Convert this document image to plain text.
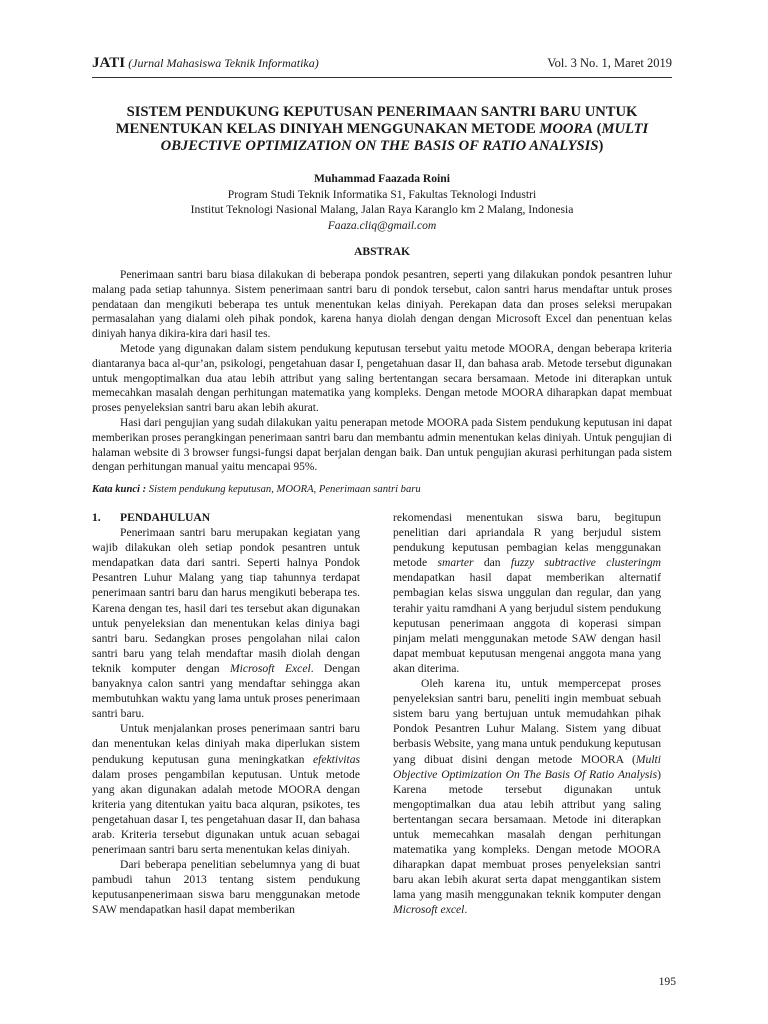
JATI (Jurnal Mahasiswa Teknik Informatika)	Vol. 3 No. 1, Maret 2019
SISTEM PENDUKUNG KEPUTUSAN PENERIMAAN SANTRI BARU UNTUK
MENENTUKAN KELAS DINIYAH MENGGUNAKAN METODE MOORA (MULTI
OBJECTIVE OPTIMIZATION ON THE BASIS OF RATIO ANALYSIS)
Muhammad Faazada Roini
Program Studi Teknik Informatika S1, Fakultas Teknologi Industri
Institut Teknologi Nasional Malang, Jalan Raya Karanglo km 2 Malang, Indonesia
Faaza.cliq@gmail.com
ABSTRAK

Penerimaan santri baru biasa dilakukan di beberapa pondok pesantren, seperti yang dilakukan pondok pesantren luhur malang pada setiap tahunnya. Sistem penerimaan santri baru di pondok tersebut, calon santri harus mendaftar untuk proses pendataan dan mengikuti beberapa tes untuk menentukan kelas diniyah. Perekapan data dan proses seleksi merupakan permasalahan yang dialami oleh pihak pondok, karena hanya diolah dengan dengan Microsoft Excel dan penentuan kelas diniyah hanya dikira-kira dari hasil tes.

Metode yang digunakan dalam sistem pendukung keputusan tersebut yaitu metode MOORA, dengan beberapa kriteria diantaranya baca al-qur’an, psikologi, pengetahuan dasar I, pengetahuan dasar II, dan bahasa arab. Metode tersebut digunakan untuk mengoptimalkan dua atau lebih attribut yang saling bertentangan secara bersamaan. Metode ini diterapkan untuk memecahkan masalah dengan perhitungan matematika yang kompleks. Dengan metode MOORA diharapkan dapat membuat proses penyeleksian santri baru akan lebih akurat.

Hasi dari pengujian yang sudah dilakukan yaitu penerapan metode MOORA pada Sistem pendukung keputusan ini dapat memberikan proses perangkingan penerimaan santri baru dan membantu admin menentukan kelas diniyah. Untuk pengujian di halaman website di 3 browser fungsi-fungsi dapat berjalan dengan baik. Dan untuk pengujian akurasi perhitungan pada sistem dengan perhitungan manual yaitu mencapai 95%.

Kata kunci : Sistem pendukung keputusan, MOORA, Penerimaan santri baru
1.	PENDAHULUAN

Penerimaan santri baru merupakan kegiatan yang wajib dilakukan oleh setiap pondok pesantren untuk mendapatkan data dari santri. Seperti halnya Pondok Pesantren Luhur Malang yang tiap tahunnya terdapat penerimaan santri baru dan harus mengikuti beberapa tes. Karena dengan tes, hasil dari tes tersebut akan digunakan untuk penyeleksian dan menentukan kelas diniya bagi santri baru. Sedangkan proses pengolahan nilai calon santri baru yang telah mendaftar masih diolah dengan teknik komputer dengan Microsoft Excel. Dengan banyaknya calon santri yang mendaftar sehingga akan membutuhkan waktu yang lama untuk proses penerimaan santri baru.

Untuk menjalankan proses penerimaan santri baru dan menentukan kelas diniyah maka diperlukan sistem pendukung keputusan guna meningkatkan efektivitas dalam proses pengambilan keputusan. Untuk metode yang akan digunakan adalah metode MOORA dengan kriteria yang ditentukan yaitu baca alquran, psikotes, tes pengetahuan dasar I, tes pengetahuan dasar II, dan bahasa arab. Kriteria tersebut digunakan untuk acuan sebagai penerimaan santri baru serta menentukan kelas diniyah.

Dari beberapa penelitian sebelumnya yang di buat pambudi tahun 2013 tentang sistem pendukung keputusanpenerimaan siswa baru menggunakan metode SAW mendapatkan hasil dapat memberikan

rekomendasi menentukan siswa baru, begitupun penelitian dari apriandala R yang berjudul sistem pendukung keputusan pembagian kelas menggunakan metode smarter dan fuzzy subtractive clusteringm mendapatkan hasil dapat memberikan alternatif pembagian kelas siswa unggulan dan regular, dan yang terahir yaitu ramdhani A yang berjudul sistem pendukung keputusan penerimaan anggota di koperasi simpan pinjam melati menggunakan metode SAW dengan hasil dapat membuat keputusan mengenai anggota mana yang akan diterima.

Oleh karena itu, untuk mempercepat proses penyeleksian santri baru, peneliti ingin membuat sebuah sistem baru yang bertujuan untuk memudahkan pihak Pondok Pesantren Luhur Malang. Sistem yang dibuat berbasis Website, yang mana untuk pendukung keputusan yang dibuat disini dengan metode MOORA (Multi Objective Optimization On The Basis Of Ratio Analysis) Karena metode tersebut digunakan untuk mengoptimalkan dua atau lebih attribut yang saling bertentangan secara bersamaan. Metode ini diterapkan untuk memecahkan masalah dengan perhitungan matematika yang kompleks. Dengan metode MOORA diharapkan dapat membuat proses penyeleksian santri baru akan lebih akurat serta dapat menggantikan sistem lama yang masih menggunakan teknik komputer dengan Microsoft excel.

195
